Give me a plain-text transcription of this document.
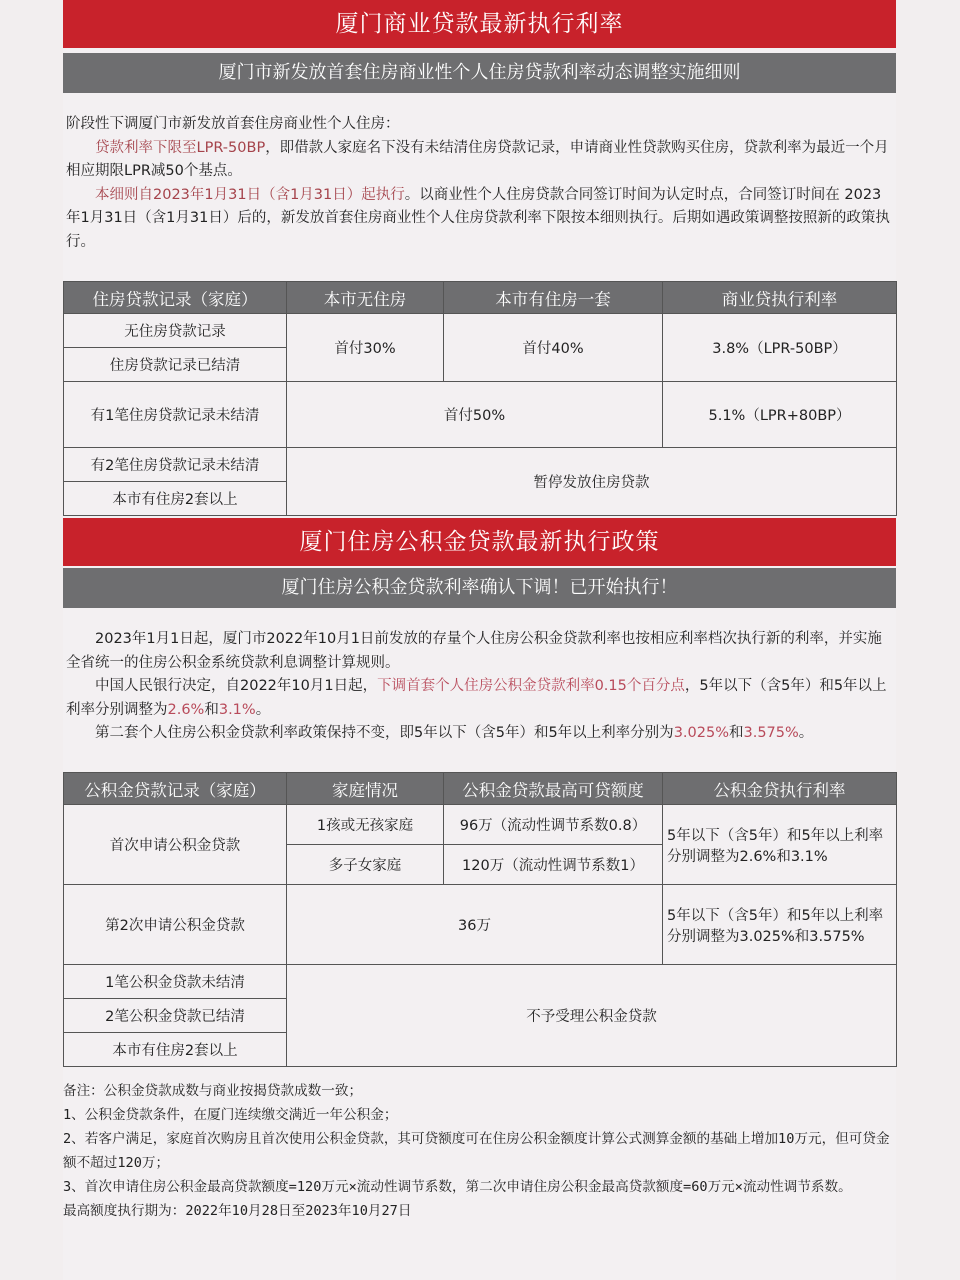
厦门商业贷款最新执行利率
厦门市新发放首套住房商业性个人住房贷款利率动态调整实施细则

阶段性下调厦门市新发放首套住房商业性个人住房：

贷款利率下限至LPR-50BP，即借款人家庭名下没有未结清住房贷款记录，申请商业性贷款购买住房，贷款利率为最近一个月相应期限LPR减50个基点。

本细则自2023年1月31日（含1月31日）起执行。以商业性个人住房贷款合同签订时间为认定时点，合同签订时间在 2023年1月31日（含1月31日）后的，新发放首套住房商业性个人住房贷款利率下限按本细则执行。后期如遇政策调整按照新的政策执行。

住房贷款记录（家庭）	本市无住房	本市有住房一套	商业贷执行利率
无住房贷款记录	首付30%	首付40%	3.8%（LPR-50BP）
住房贷款记录已结清			
有1笔住房贷款记录未结清	首付50%		5.1%（LPR+80BP）
有2笔住房贷款记录未结清	暂停发放住房贷款		
本市有住房2套以上			
厦门住房公积金贷款最新执行政策
厦门住房公积金贷款利率确认下调！已开始执行！

2023年1月1日起，厦门市2022年10月1日前发放的存量个人住房公积金贷款利率也按相应利率档次执行新的利率，并实施全省统一的住房公积金系统贷款利息调整计算规则。

中国人民银行决定，自2022年10月1日起，下调首套个人住房公积金贷款利率0.15个百分点，5年以下（含5年）和5年以上利率分别调整为2.6%和3.1%。

第二套个人住房公积金贷款利率政策保持不变，即5年以下（含5年）和5年以上利率分别为3.025%和3.575%。

公积金贷款记录（家庭）	家庭情况	公积金贷款最高可贷额度	公积金贷执行利率
首次申请公积金贷款	1孩或无孩家庭	96万（流动性调节系数0.8）	5年以下（含5年）和5年以上利率分别调整为2.6%和3.1%
	多子女家庭	120万（流动性调节系数1）	
第2次申请公积金贷款	36万		5年以下（含5年）和5年以上利率分别调整为3.025%和3.575%
1笔公积金贷款未结清	不予受理公积金贷款		
2笔公积金贷款已结清			
本市有住房2套以上			

备注：公积金贷款成数与商业按揭贷款成数一致；

1、公积金贷款条件，在厦门连续缴交满近一年公积金；

2、若客户满足，家庭首次购房且首次使用公积金贷款，其可贷额度可在住房公积金额度计算公式测算金额的基础上增加10万元，但可贷金额不超过120万；

3、首次申请住房公积金最高贷款额度=120万元×流动性调节系数，第二次申请住房公积金最高贷款额度=60万元×流动性调节系数。

最高额度执行期为：2022年10月28日至2023年10月27日
